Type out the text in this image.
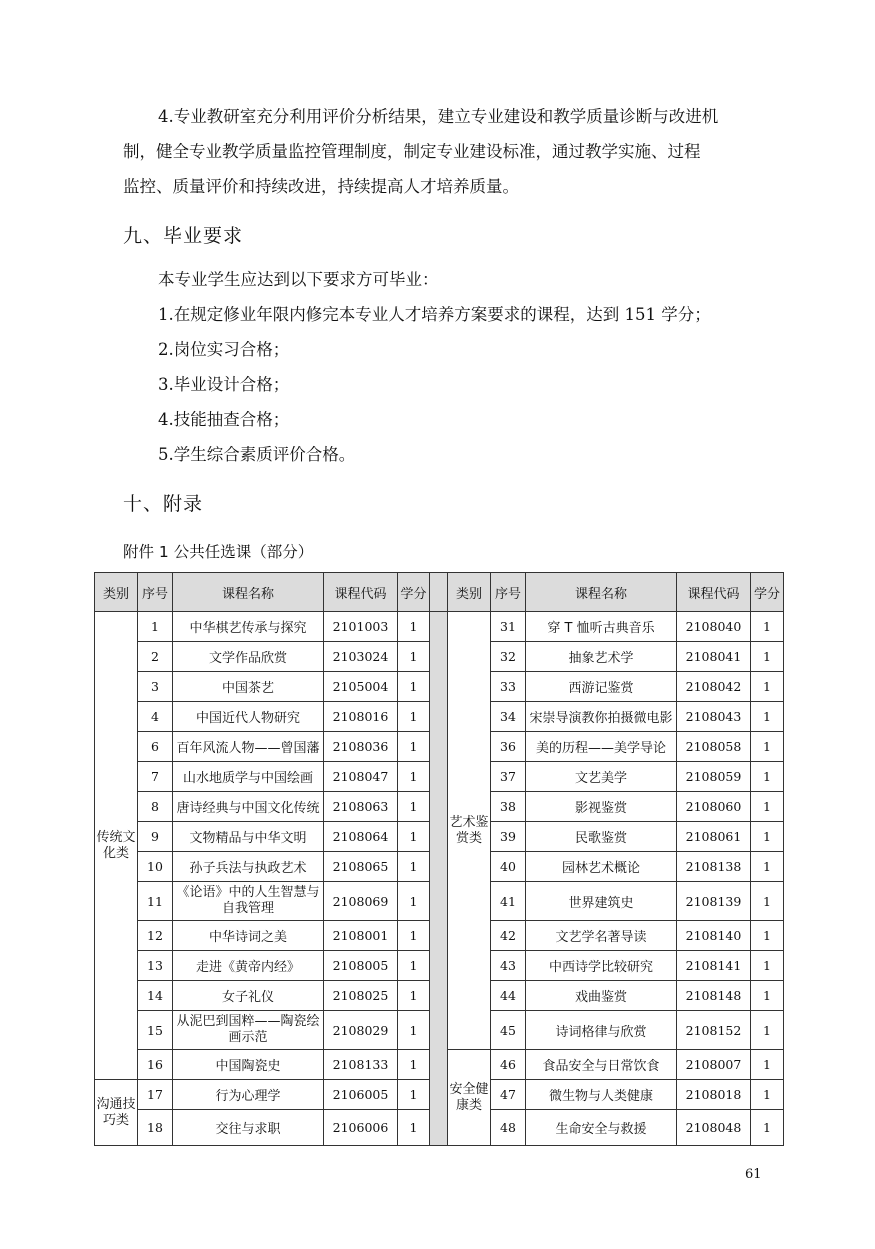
4.专业教研室充分利用评价分析结果，建立专业建设和教学质量诊断与改进机
制，健全专业教学质量监控管理制度，制定专业建设标准，通过教学实施、过程
监控、质量评价和持续改进，持续提高人才培养质量。
九、毕业要求
本专业学生应达到以下要求方可毕业：
1.在规定修业年限内修完本专业人才培养方案要求的课程，达到 151 学分；
2.岗位实习合格；
3.毕业设计合格；
4.技能抽查合格；
5.学生综合素质评价合格。
十、附录
附件 1 公共任选课（部分）
类别	序号	课程名称	课程代码	学分		类别	序号	课程名称	课程代码	学分
传统文化类	1	中华棋艺传承与探究	2101003	1		艺术鉴赏类	31	穿 T 恤听古典音乐	2108040	1
	2	文学作品欣赏	2103024	1			32	抽象艺术学	2108041	1
	3	中国茶艺	2105004	1			33	西游记鉴赏	2108042	1
	4	中国近代人物研究	2108016	1			34	宋崇导演教你拍摄微电影	2108043	1
	6	百年风流人物——曾国藩	2108036	1			36	美的历程——美学导论	2108058	1
	7	山水地质学与中国绘画	2108047	1			37	文艺美学	2108059	1
	8	唐诗经典与中国文化传统	2108063	1			38	影视鉴赏	2108060	1
	9	文物精品与中华文明	2108064	1			39	民歌鉴赏	2108061	1
	10	孙子兵法与执政艺术	2108065	1			40	园林艺术概论	2108138	1
	11	《论语》中的人生智慧与自我管理	2108069	1			41	世界建筑史	2108139	1
	12	中华诗词之美	2108001	1			42	文艺学名著导读	2108140	1
	13	走进《黄帝内经》	2108005	1			43	中西诗学比较研究	2108141	1
	14	女子礼仪	2108025	1			44	戏曲鉴赏	2108148	1
	15	从泥巴到国粹——陶瓷绘画示范	2108029	1			45	诗词格律与欣赏	2108152	1
	16	中国陶瓷史	2108133	1		安全健康类	46	食品安全与日常饮食	2108007	1
沟通技巧类	17	行为心理学	2106005	1			47	微生物与人类健康	2108018	1
	18	交往与求职	2106006	1			48	生命安全与救援	2108048	1
61
